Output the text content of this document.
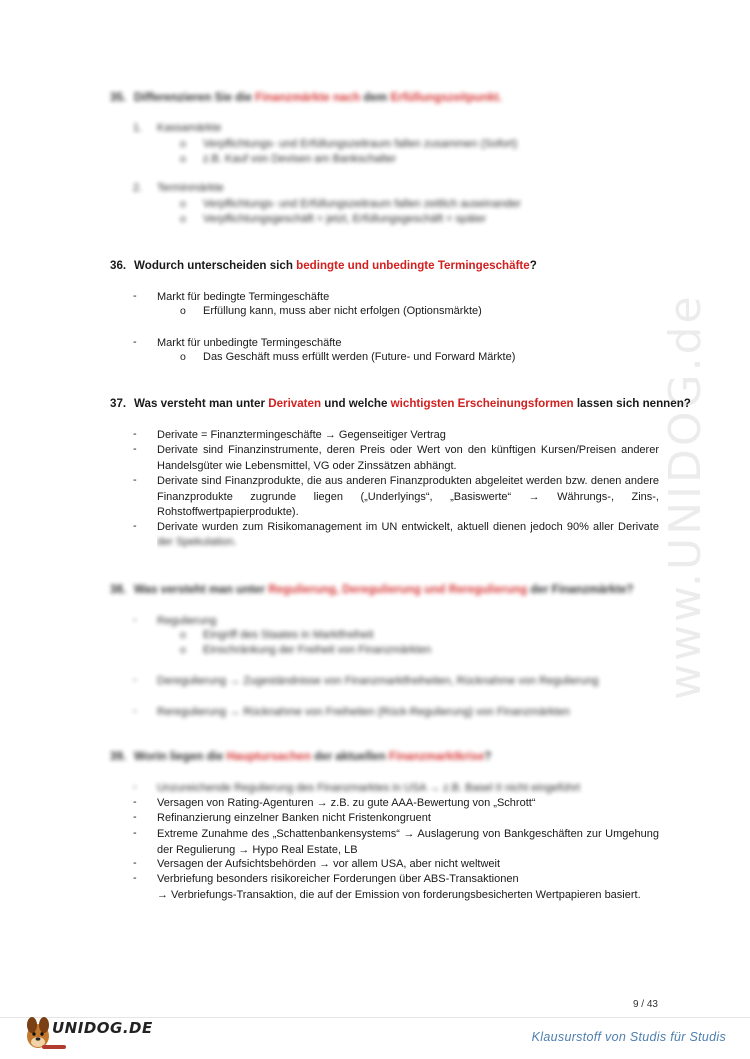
www.UNIDOG.de
35. Differenzieren Sie die Finanzmärkte nach dem Erfüllungszeitpunkt.
1. Kassamärkte
o Verpflichtungs- und Erfüllungszeitraum fallen zusammen (Sofort)
o z.B. Kauf von Devisen am Bankschalter
2. Terminmärkte
o Verpflichtungs- und Erfüllungszeitraum fallen zeitlich auseinander
o Verpflichtungsgeschäft = jetzt, Erfüllungsgeschäft = später
36. Wodurch unterscheiden sich bedingte und unbedingte Termingeschäfte?
-	Markt für bedingte Termingeschäfte
o Erfüllung kann, muss aber nicht erfolgen (Optionsmärkte)
-	Markt für unbedingte Termingeschäfte
o Das Geschäft muss erfüllt werden (Future- und Forward Märkte)
37. Was versteht man unter Derivaten und welche wichtigsten Erscheinungsformen lassen sich nennen?
-	Derivate = Finanztermingeschäfte → Gegenseitiger Vertrag
-	Derivate sind Finanzinstrumente, deren Preis oder Wert von den künftigen Kursen/Preisen anderer Handelsgüter wie Lebensmittel, VG oder Zinssätzen abhängt.
-	Derivate sind Finanzprodukte, die aus anderen Finanzprodukten abgeleitet werden bzw. denen andere Finanzprodukte zugrunde liegen („Underlyings“, „Basiswerte“ → Währungs-, Zins-, Rohstoffwertpapierprodukte).
-	Derivate wurden zum Risikomanagement im UN entwickelt, aktuell dienen jedoch 90% aller Derivate
der Spekulation.
38. Was versteht man unter Regulierung, Deregulierung und Reregulierung der Finanzmärkte?
-	Regulierung
o Eingriff des Staates in Marktfreiheit
o Einschränkung der Freiheit von Finanzmärkten
-	Deregulierung → Zugeständnisse von Finanzmarktfreiheiten, Rücknahme von Regulierung
-	Reregulierung → Rücknahme von Freiheiten (Rück-Regulierung) von Finanzmärkten
39. Worin liegen die Hauptursachen der aktuellen Finanzmarktkrise?
-	Unzureichende Regulierung des Finanzmarktes in USA → z.B. Basel II nicht eingeführt
-	Versagen von Rating-Agenturen → z.B. zu gute AAA-Bewertung von „Schrott“
-	Refinanzierung einzelner Banken nicht Fristenkongruent
-	Extreme Zunahme des „Schattenbankensystems“ → Auslagerung von Bankgeschäften zur Umgehung der Regulierung → Hypo Real Estate, LB
-	Versagen der Aufsichtsbehörden → vor allem USA, aber nicht weltweit
-	Verbriefung besonders risikoreicher Forderungen über ABS-Transaktionen
→ Verbriefungs-Transaktion, die auf der Emission von forderungsbesicherten Wertpapieren basiert.
9 / 43
UNIDOG.DE	Klausurstoff von Studis für Studis
